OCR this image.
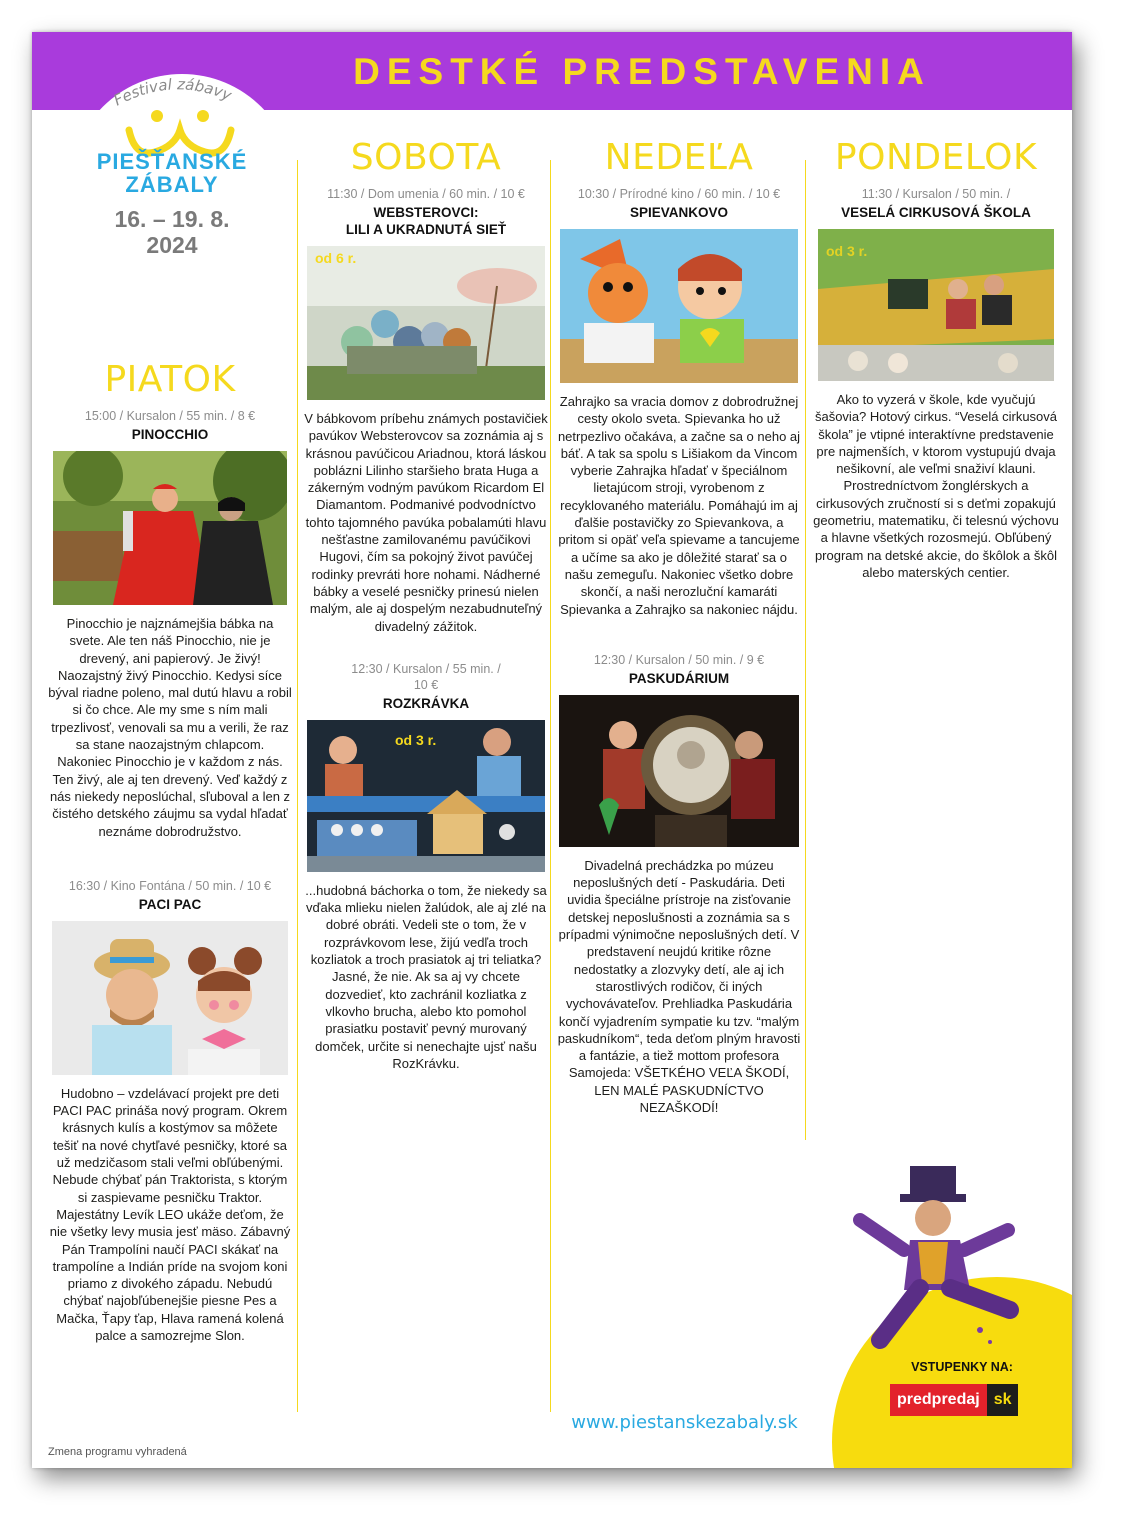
DESTKÉ PREDSTAVENIA
Festival zábavy
PIEŠŤANSKÉ
ZÁBALY
16. – 19. 8.
2024
PIATOK
15:00 / Kursalon / 55 min. / 8 €
PINOCCHIO
Pinocchio je najznámejšia bábka na svete. Ale ten náš Pinocchio, nie je drevený, ani papierový. Je živý! Naozajstný živý Pinocchio. Kedysi síce býval riadne poleno, mal dutú hlavu a robil si čo chce. Ale my sme s ním mali trpezlivosť, venovali sa mu a verili, že raz sa stane naozajstným chlapcom. Nakoniec Pinocchio je v každom z nás. Ten živý, ale aj ten drevený. Veď každý z nás niekedy neposlúchal, sľuboval a len z čistého detského záujmu sa vydal hľadať neznáme dobrodružstvo.
16:30 / Kino Fontána / 50 min. / 10 €
PACI PAC
Hudobno – vzdelávací projekt pre deti PACI PAC prináša nový program. Okrem krásnych kulís a kostýmov sa môžete tešiť na nové chytľavé pesničky, ktoré sa už medzičasom stali veľmi obľúbenými. Nebude chýbať pán Traktorista, s ktorým si zaspievame pesničku Traktor. Majestátny Levík LEO ukáže deťom, že nie všetky levy musia jesť mäso. Zábavný Pán Trampolíni naučí PACI skákať na trampolíne a Indián príde na svojom koni priamo z divokého západu. Nebudú chýbať najobľúbenejšie piesne Pes a Mačka, Ťapy ťap, Hlava ramená kolená palce a samozrejme Slon.
SOBOTA
11:30 / Dom umenia / 60 min. / 10 €
WEBSTEROVCI:
LILI A UKRADNUTÁ SIEŤ
od 6 r.
V bábkovom príbehu známych postavičiek pavúkov Websterovcov sa zoznámia aj s krásnou pavúčicou Ariadnou, ktorá láskou poblázni Lilinho staršieho brata Huga a zákerným vodným pavúkom Ricardom El Diamantom. Podmanivé podvodníctvo tohto tajomného pavúka pobalamúti hlavu nešťastne zamilovanému pavúčikovi Hugovi, čím sa pokojný život pavúčej rodinky prevráti hore nohami. Nádherné bábky a veselé pesničky prinesú nielen malým, ale aj dospelým nezabudnuteľný divadelný zážitok.
12:30 / Kursalon / 55 min. /
10 €
ROZKRÁVKA
od 3 r.
...hudobná báchorka o tom, že niekedy sa vďaka mlieku nielen žalúdok, ale aj zlé na dobré obráti. Vedeli ste o tom, že v rozprávkovom lese, žijú vedľa troch kozliatok a troch prasiatok aj tri teliatka? Jasné, že nie. Ak sa aj vy chcete dozvedieť, kto zachránil kozliatka z vlkovho brucha, alebo kto pomohol prasiatku postaviť pevný murovaný domček, určite si nenechajte ujsť našu RozKrávku.
NEDEĽA
10:30 / Prírodné kino / 60 min. / 10 €
SPIEVANKOVO
Zahrajko sa vracia domov z dobrodružnej cesty okolo sveta. Spievanka ho už netrpezlivo očakáva, a začne sa o neho aj báť. A tak sa spolu s Lišiakom da Vincom vyberie Zahrajka hľadať v špeciálnom lietajúcom stroji, vyrobenom z recyklovaného materiálu. Pomáhajú im aj ďalšie postavičky zo Spievankova, a pritom si opäť veľa spievame a tancujeme a učíme sa ako je dôležité starať sa o našu zemeguľu. Nakoniec všetko dobre skončí, a naši nerozluční kamaráti Spievanka a Zahrajko sa nakoniec nájdu.
12:30 / Kursalon / 50 min. / 9 €
PASKUDÁRIUM
Divadelná prechádzka po múzeu neposlušných detí - Paskudária. Deti uvidia špeciálne prístroje na zisťovanie detskej neposlušnosti a zoznámia sa s prípadmi výnimočne neposlušných detí. V predstavení neujdú kritike rôzne nedostatky a zlozvyky detí, ale aj ich starostlivých rodičov, či iných vychovávateľov. Prehliadka Paskudária končí vyjadrením sympatie ku tzv. “malým paskudníkom“, teda deťom plným hravosti a fantázie, a tiež mottom profesora Samojeda: VŠETKÉHO VEĽA ŠKODÍ, LEN MALÉ PASKUDNÍCTVO NEZAŠKODÍ!
PONDELOK
11:30 / Kursalon / 50 min. /
VESELÁ CIRKUSOVÁ ŠKOLA
od 3 r.
Ako to vyzerá v škole, kde vyučujú šašovia? Hotový cirkus. “Veselá cirkusová škola” je vtipné interaktívne predstavenie pre najmenších, v ktorom vystupujú dvaja nešikovní, ale veľmi snaživí klauni. Prostredníctvom žonglérskych a cirkusových zručností si s deťmi zopakujú geometriu, matematiku, či telesnú výchovu a hlavne všetkých rozosmejú. Obľúbený program na detské akcie, do škôlok a škôl alebo materských centier.
VSTUPENKY NA:
predpredaj sk
www.piestanskezabaly.sk
Zmena programu vyhradená
